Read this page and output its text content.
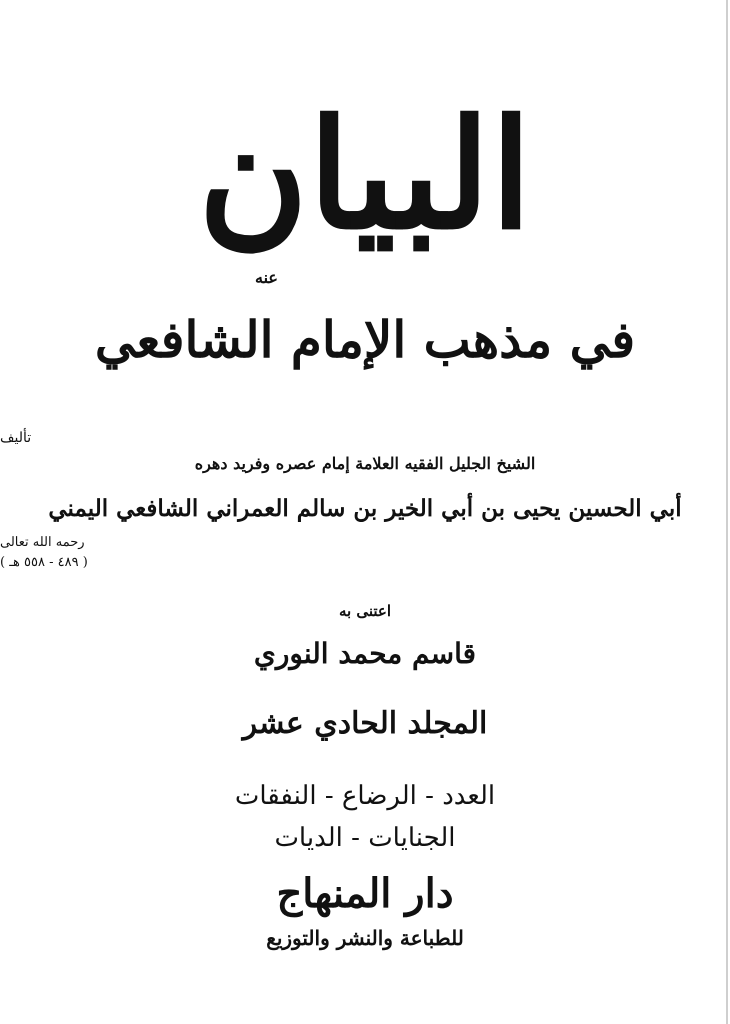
البيان
عنه
في مذهب الإمام الشافعي
تأليف
الشيخ الجليل الفقيه العلامة إمام عصره وفريد دهره
أبي الحسين يحيى بن أبي الخير بن سالم العمراني الشافعي اليمني
رحمه الله تعالى
( ٤٨٩ - ٥٥٨ هـ )
اعتنى به
قاسم محمد النوري
المجلد الحادي عشر
العدد - الرضاع - النفقات
الجنايات - الديات
دار المنهاج
للطباعة والنشر والتوزيع
